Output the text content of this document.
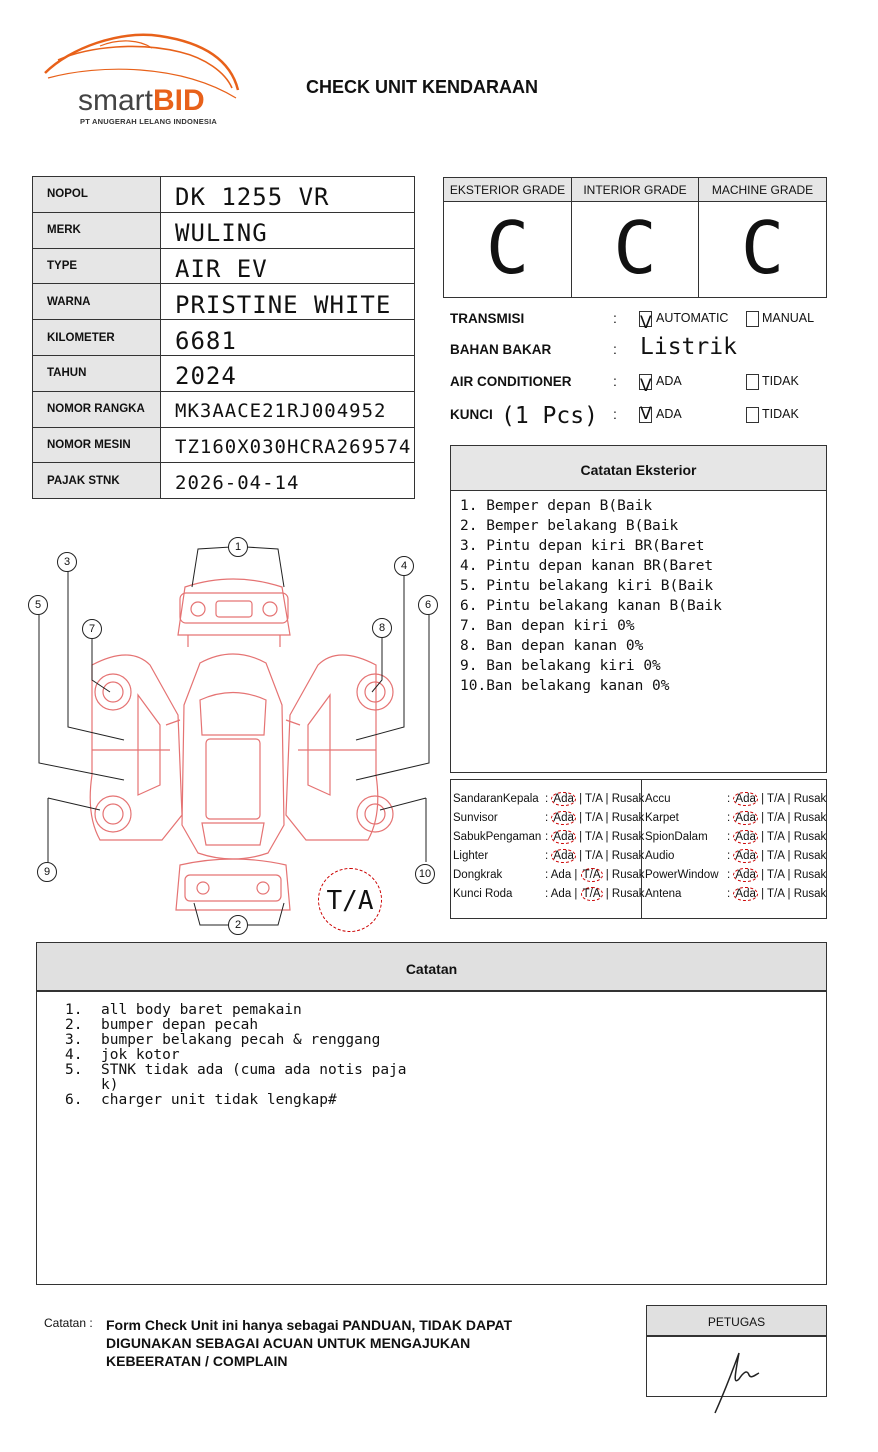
smartBID
PT ANUGERAH LELANG INDONESIA
CHECK UNIT KENDARAAN
NOPOL	DK 1255 VR
MERK	WULING
TYPE	AIR EV
WARNA	PRISTINE WHITE
KILOMETER	6681
TAHUN	2024
NOMOR RANGKA	MK3AACE21RJ004952
NOMOR MESIN	TZ160X030HCRA269574
PAJAK STNK	2026-04-14
EKSTERIOR GRADE
C
INTERIOR GRADE
C
MACHINE GRADE
C
TRANSMISI	: V AUTOMATIC	MANUAL
BAHAN BAKAR	: Listrik
AIR CONDITIONER	: V ADA	TIDAK
KUNCI (1 Pcs) : V ADA	TIDAK
Catatan Eksterior
1. Bemper depan B(Baik
2. Bemper belakang B(Baik
3. Pintu depan kiri BR(Baret
4. Pintu depan kanan BR(Baret
5. Pintu belakang kiri B(Baik
6. Pintu belakang kanan B(Baik
7. Ban depan kiri 0%
8. Ban depan kanan 0%
9. Ban belakang kiri 0%
10.Ban belakang kanan 0%
SandaranKepala : Ada | T/A | Rusak
Sunvisor	: Ada | T/A | Rusak
SabukPengaman : Ada | T/A | Rusak
Lighter	: Ada | T/A | Rusak
Dongkrak	: Ada | T/A | Rusak
Kunci Roda	: Ada | T/A | Rusak
Accu	: Ada | T/A | Rusak
Karpet	: Ada | T/A | Rusak
SpionDalam : Ada | T/A | Rusak
Audio	: Ada | T/A | Rusak
PowerWindow : Ada | T/A | Rusak
Antena	: Ada | T/A | Rusak
1
2
3	4
5	6
7	8
9	10
T/A
Catatan
1.	all body baret pemakain
2.	bumper depan pecah
3.	bumper belakang pecah & renggang
4.	jok kotor
5.	STNK tidak ada (cuma ada notis paja
k)
6.	charger unit tidak lengkap#
Catatan : Form Check Unit ini hanya sebagai PANDUAN, TIDAK DAPAT DIGUNAKAN SEBAGAI ACUAN UNTUK MENGAJUKAN KEBEERATAN / COMPLAIN
PETUGAS
